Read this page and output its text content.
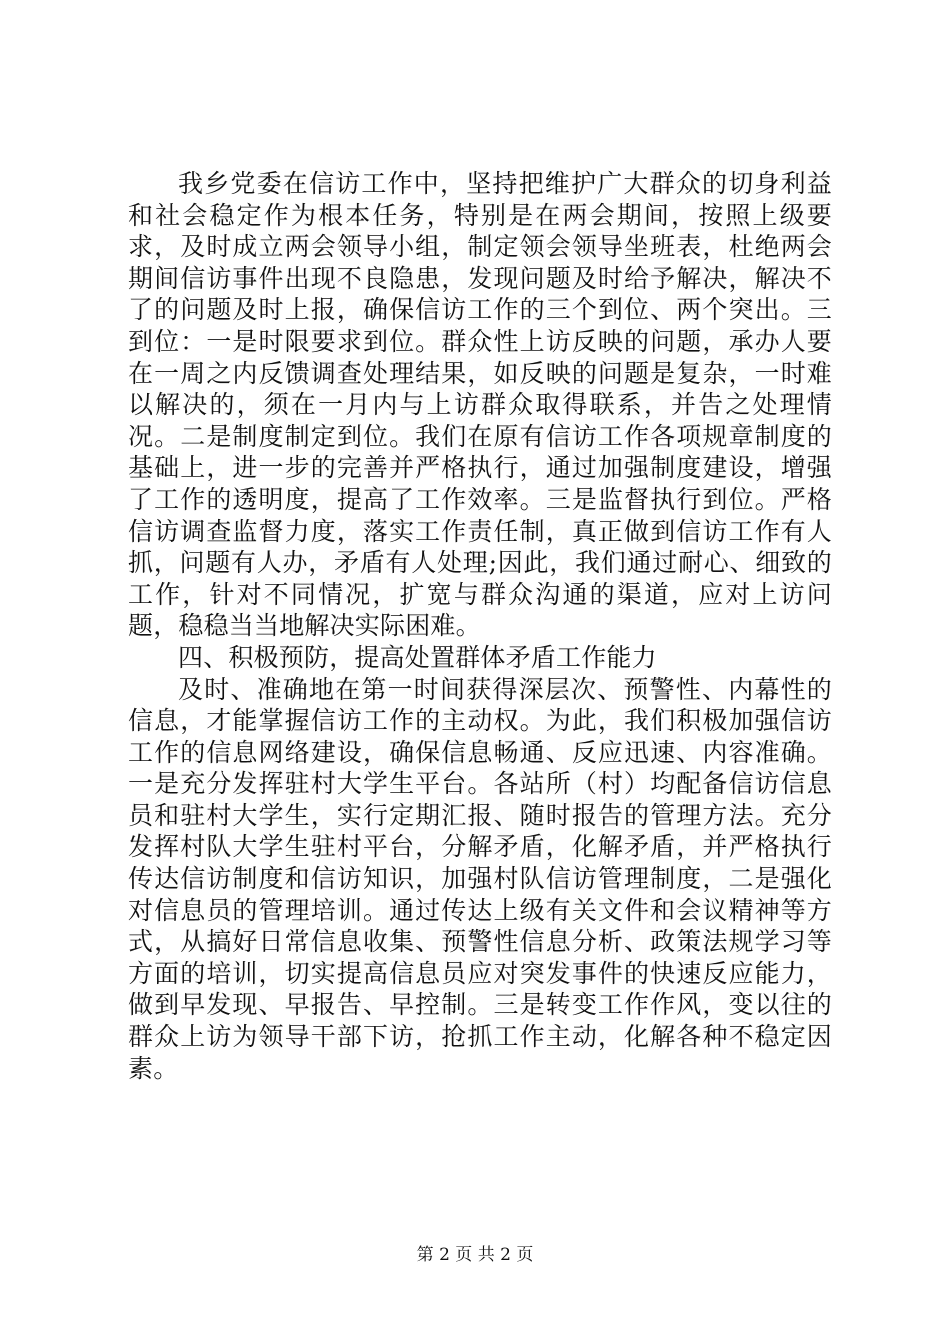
我乡党委在信访工作中，坚持把维护广大群众的切身利益和社会稳定作为根本任务，特别是在两会期间，按照上级要求，及时成立两会领导小组，制定领会领导坐班表，杜绝两会期间信访事件出现不良隐患，发现问题及时给予解决，解决不了的问题及时上报，确保信访工作的三个到位、两个突出。三到位：一是时限要求到位。群众性上访反映的问题，承办人要在一周之内反馈调查处理结果，如反映的问题是复杂，一时难以解决的，须在一月内与上访群众取得联系，并告之处理情况。二是制度制定到位。我们在原有信访工作各项规章制度的基础上，进一步的完善并严格执行，通过加强制度建设，增强了工作的透明度，提高了工作效率。三是监督执行到位。严格信访调查监督力度，落实工作责任制，真正做到信访工作有人抓，问题有人办，矛盾有人处理;因此，我们通过耐心、细致的工作，针对不同情况，扩宽与群众沟通的渠道，应对上访问题，稳稳当当地解决实际困难。

四、积极预防，提高处置群体矛盾工作能力

及时、准确地在第一时间获得深层次、预警性、内幕性的信息，才能掌握信访工作的主动权。为此，我们积极加强信访工作的信息网络建设，确保信息畅通、反应迅速、内容准确。一是充分发挥驻村大学生平台。各站所（村）均配备信访信息员和驻村大学生，实行定期汇报、随时报告的管理方法。充分发挥村队大学生驻村平台，分解矛盾，化解矛盾，并严格执行传达信访制度和信访知识，加强村队信访管理制度，二是强化对信息员的管理培训。通过传达上级有关文件和会议精神等方式，从搞好日常信息收集、预警性信息分析、政策法规学习等方面的培训，切实提高信息员应对突发事件的快速反应能力，做到早发现、早报告、早控制。三是转变工作作风，变以往的群众上访为领导干部下访，抢抓工作主动，化解各种不稳定因素。

第 2 页 共 2 页
